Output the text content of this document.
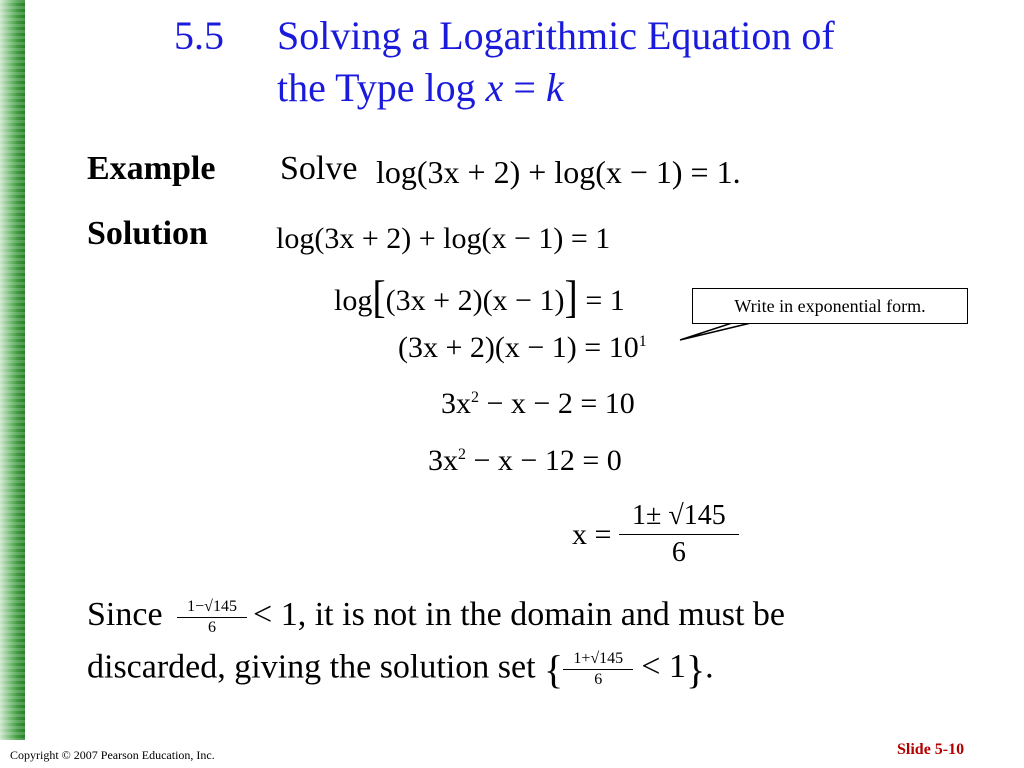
5.5 Solving a Logarithmic Equation of
the Type log x = k
Example Solve log(3x + 2) + log(x − 1) = 1.
Solution log(3x + 2) + log(x − 1) = 1
log[(3x + 2)(x − 1)] = 1
$(3x + 2)(x - 1) = 10^1$
$3x^2 - x - 2 = 10$
$3x^2 - x - 12 = 0$
$x = \frac{1\pm √145}{6}$
Write in exponential form.
Since $\frac{1-√145}{6} < 1$, it is not in the domain and must be
discarded, giving the solution set { $\frac{1+√145}{6} < 1$}.
Copyright © 2007 Pearson Education, Inc.	Slide 5-10
